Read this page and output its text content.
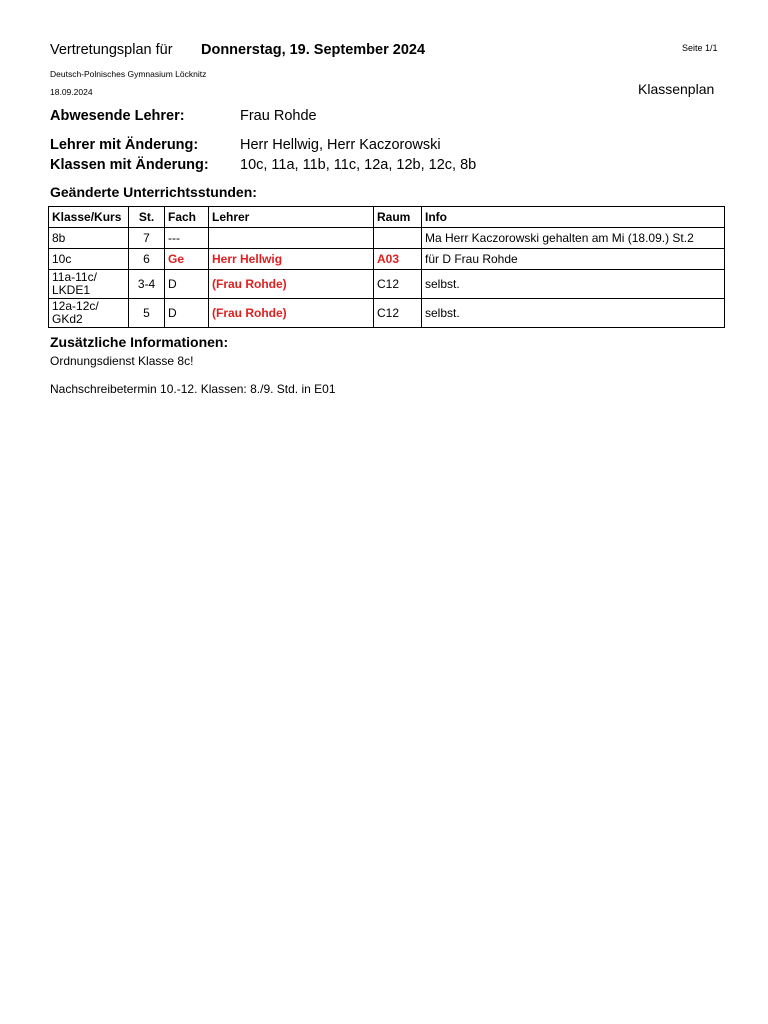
Vertretungsplan für Donnerstag, 19. September 2024	Seite 1/1
Deutsch-Polnisches Gymnasium Löcknitz
18.09.2024	Klassenplan
Abwesende Lehrer:	Frau Rohde
Lehrer mit Änderung:	Herr Hellwig, Herr Kaczorowski
Klassen mit Änderung: 10c, 11a, 11b, 11c, 12a, 12b, 12c, 8b
Geänderte Unterrichtsstunden:
Klasse/Kurs	St.	Fach	Lehrer	Raum	Info
8b	7	---			Ma Herr Kaczorowski gehalten am Mi (18.09.) St.2
10c	6	Ge	Herr Hellwig	A03	für D Frau Rohde

11a-11c/
LKDE1	3-4	D	(Frau Rohde)	C12	selbst.

12a-12c/
GKd2	5	D	(Frau Rohde)	C12	selbst.
Zusätzliche Informationen:
Ordnungsdienst Klasse 8c!
Nachschreibetermin 10.-12. Klassen: 8./9. Std. in E01
